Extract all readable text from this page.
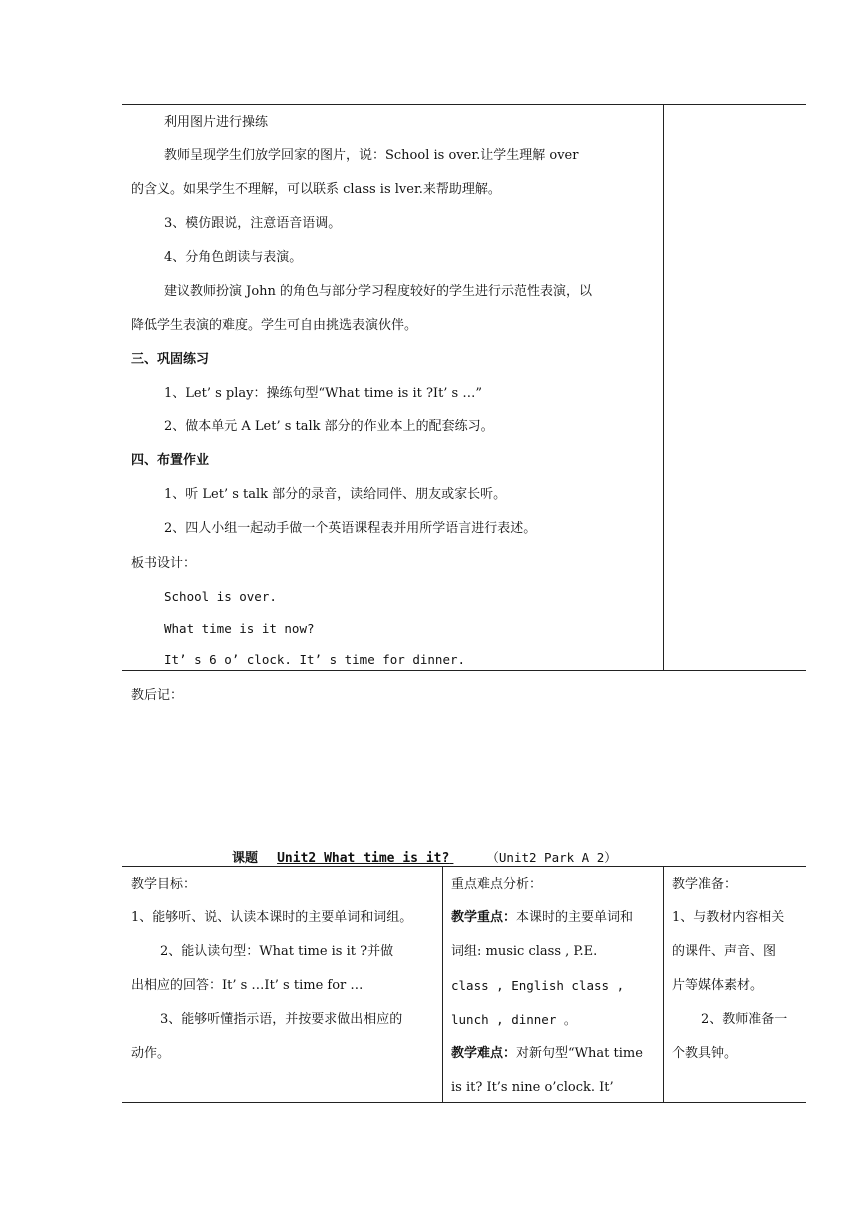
利用图片进行操练
教师呈现学生们放学回家的图片，说：School is over.让学生理解 over
的含义。如果学生不理解，可以联系 class is lver.来帮助理解。
3、模仿跟说，注意语音语调。
4、分角色朗读与表演。
建议教师扮演 John 的角色与部分学习程度较好的学生进行示范性表演，以
降低学生表演的难度。学生可自由挑选表演伙伴。
三、巩固练习
1、Let’ s play：操练句型“What time is it ?It’ s …”
2、做本单元 A Let’ s talk 部分的作业本上的配套练习。
四、布置作业
1、听 Let’ s talk 部分的录音，读给同伴、朋友或家长听。
2、四人小组一起动手做一个英语课程表并用所学语言进行表述。
板书设计：
School is over.
What time is it now?
It’ s 6 o’ clock. It’ s time for dinner.
教后记：
课题 Unit2 What time is it?	（Unit2 Park A 2）
教学目标：
1、能够听、说、认读本课时的主要单词和词组。
2、能认读句型：What time is it ?并做
出相应的回答：It’ s …It’ s time for …
3、能够听懂指示语，并按要求做出相应的
动作。
重点难点分析：
教学重点：本课时的主要单词和
词组: music class , P.E.
class , English class ,
lunch , dinner 。
教学难点：对新句型“What time
is it? It’s nine o’clock. It’
教学准备：
1、与教材内容相关
的课件、声音、图
片等媒体素材。
2、教师准备一
个教具钟。
